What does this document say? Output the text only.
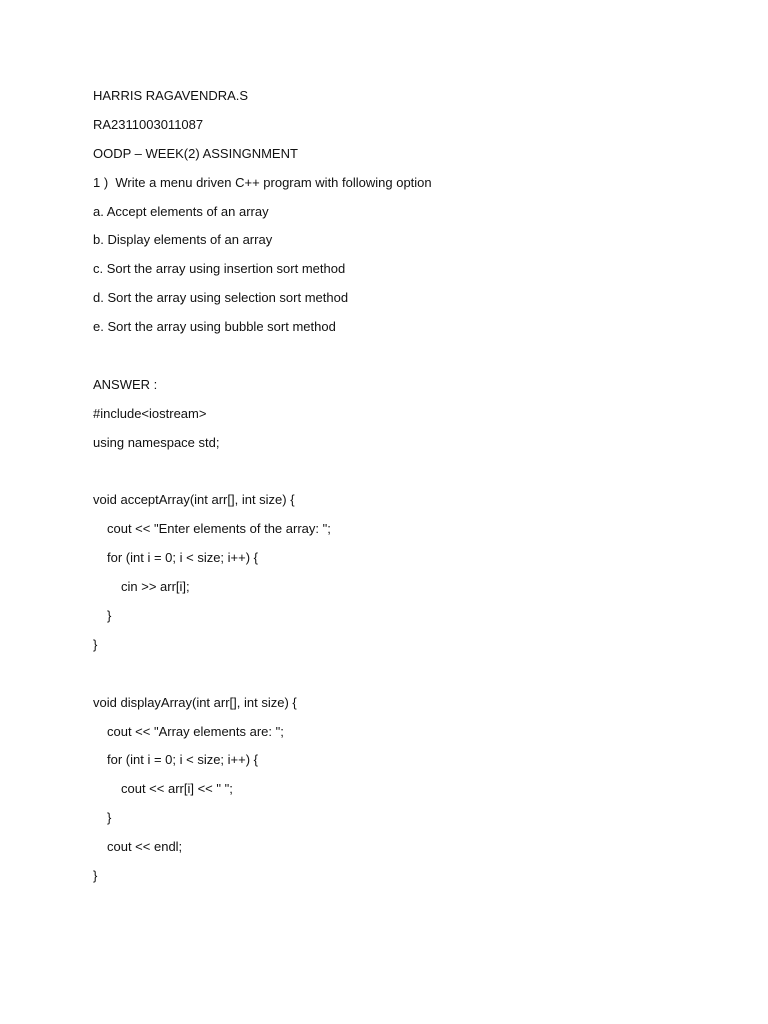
HARRIS RAGAVENDRA.S
RA2311003011087
OODP – WEEK(2) ASSINGNMENT
1 )  Write a menu driven C++ program with following option
a. Accept elements of an array
b. Display elements of an array
c. Sort the array using insertion sort method
d. Sort the array using selection sort method
e. Sort the array using bubble sort method
ANSWER :
#include<iostream>
using namespace std;
void acceptArray(int arr[], int size) {
cout << "Enter elements of the array: ";
for (int i = 0; i < size; i++) {
cin >> arr[i];
}
}
void displayArray(int arr[], int size) {
cout << "Array elements are: ";
for (int i = 0; i < size; i++) {
cout << arr[i] << " ";
}
cout << endl;
}
